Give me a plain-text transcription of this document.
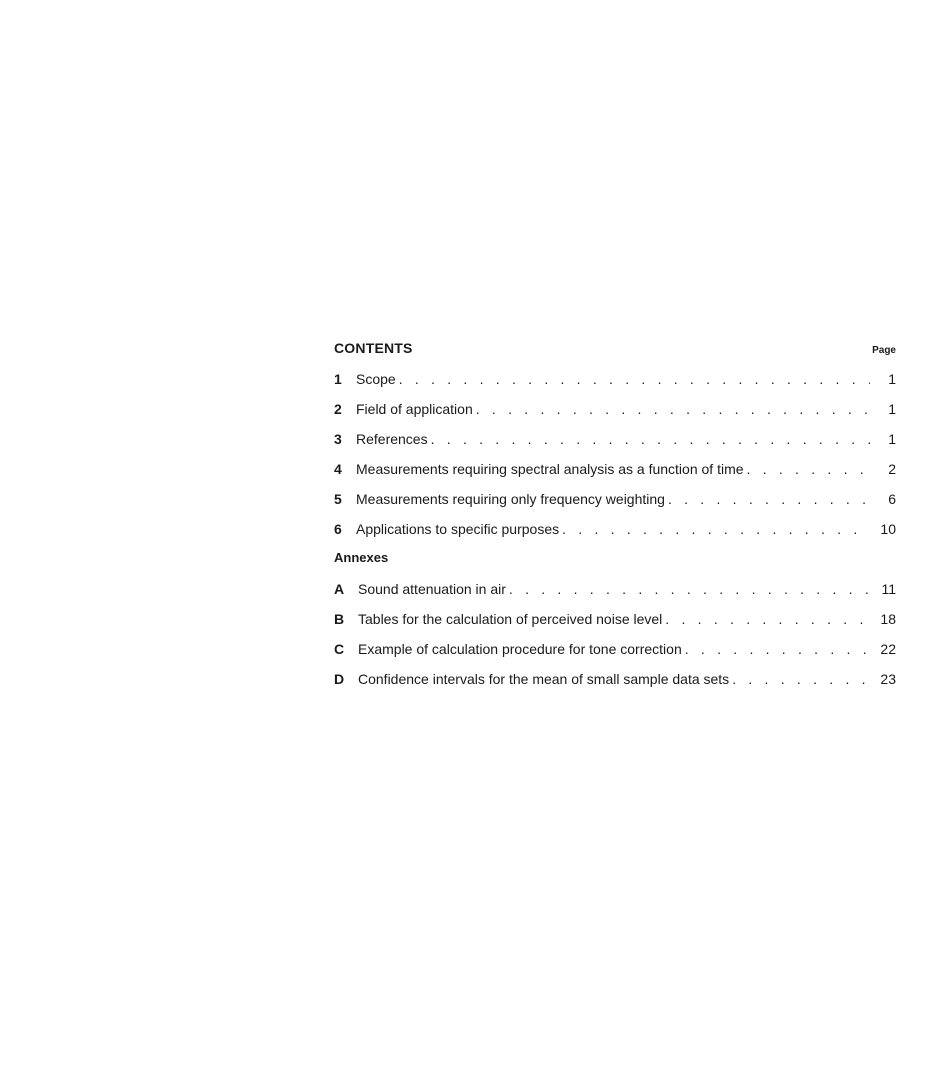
CONTENTS	Page
1	Scope . . .	1
2	Field of application . . .	1
3	References . . .	1
4	Measurements requiring spectral analysis as a function of time . . .	2
5	Measurements requiring only frequency weighting . . .	6
6	Applications to specific purposes . . .	10
Annexes
A Sound attenuation in air . . .	11
B Tables for the calculation of perceived noise level . . .	18
C Example of calculation procedure for tone correction . . .	22
D Confidence intervals for the mean of small sample data sets . . .	23
